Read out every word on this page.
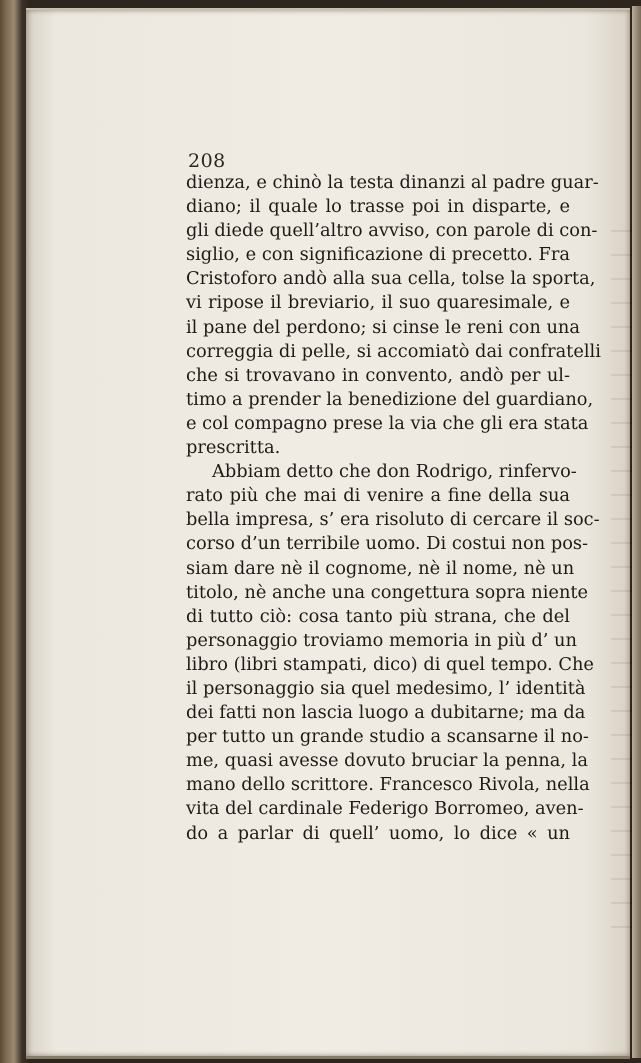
208
dienza, e chinò la testa dinanzi al padre guar-
diano; il quale lo trasse poi in disparte, e
gli diede quell’altro avviso, con parole di con-
siglio, e con significazione di precetto. Fra
Cristoforo andò alla sua cella, tolse la sporta,
vi ripose il breviario, il suo quaresimale, e
il pane del perdono; si cinse le reni con una
correggia di pelle, si accomiatò dai confratelli
che si trovavano in convento, andò per ul-
timo a prender la benedizione del guardiano,
e col compagno prese la via che gli era stata
prescritta.
Abbiam detto che don Rodrigo, rinfervo-
rato più che mai di venire a fine della sua
bella impresa, s’ era risoluto di cercare il soc-
corso d’un terribile uomo. Di costui non pos-
siam dare nè il cognome, nè il nome, nè un
titolo, nè anche una congettura sopra niente
di tutto ciò: cosa tanto più strana, che del
personaggio troviamo memoria in più d’ un
libro (libri stampati, dico) di quel tempo. Che
il personaggio sia quel medesimo, l’ identità
dei fatti non lascia luogo a dubitarne; ma da
per tutto un grande studio a scansarne il no-
me, quasi avesse dovuto bruciar la penna, la
mano dello scrittore. Francesco Rivola, nella
vita del cardinale Federigo Borromeo, aven-
do a parlar di quell’ uomo, lo dice « un
